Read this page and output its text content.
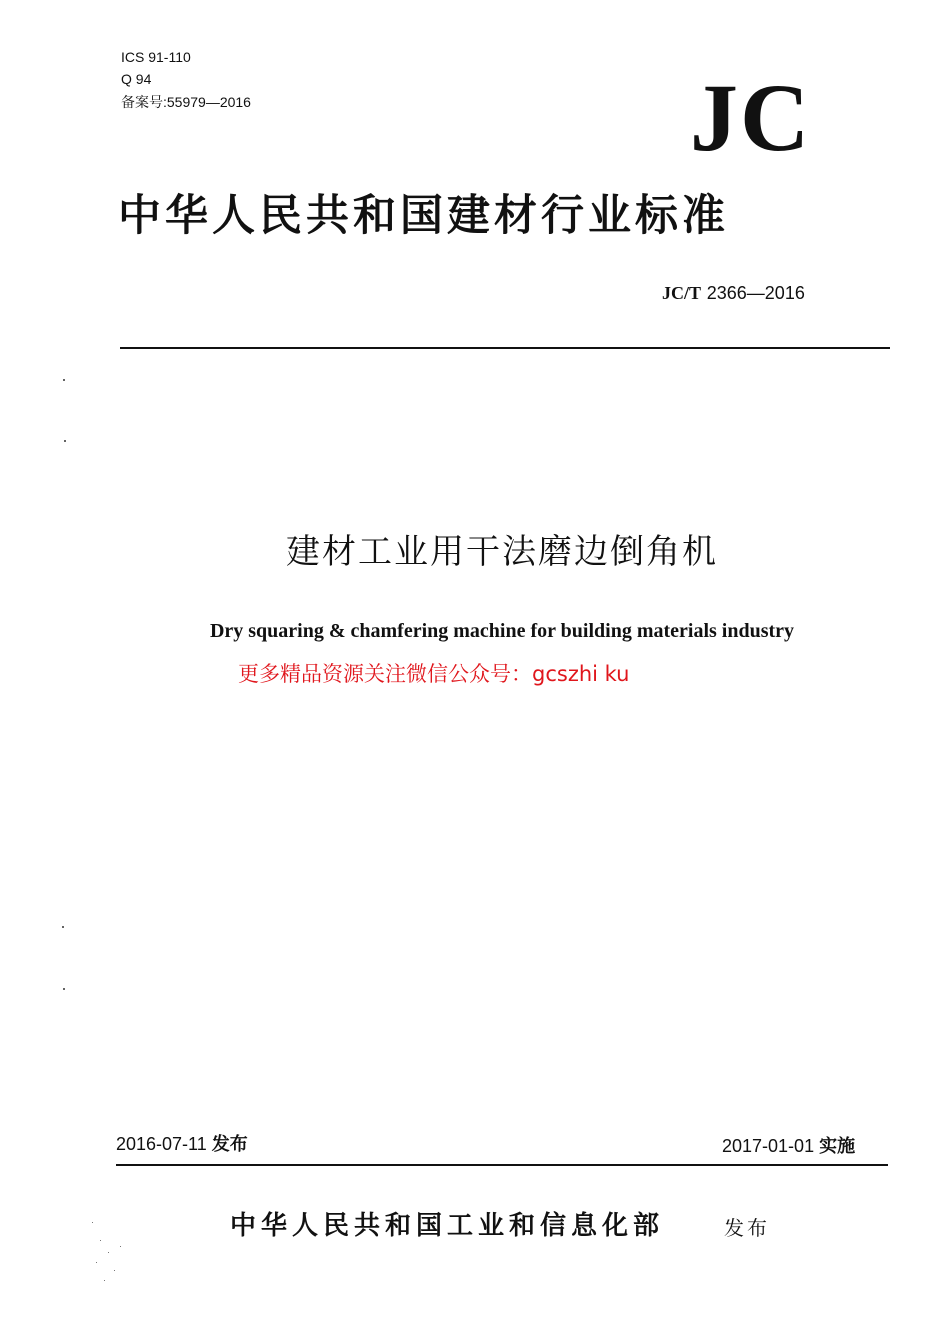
ICS 91-110
Q 94
备案号:55979—2016	JC
中华人民共和国建材行业标准
JC/T 2366—2016
建材工业用干法磨边倒角机
Dry squaring & chamfering machine for building materials industry
更多精品资源关注微信公众号：gcszhi ku
2016-07-11 发布	2017-01-01 实施
中华人民共和国工业和信息化部	发布
